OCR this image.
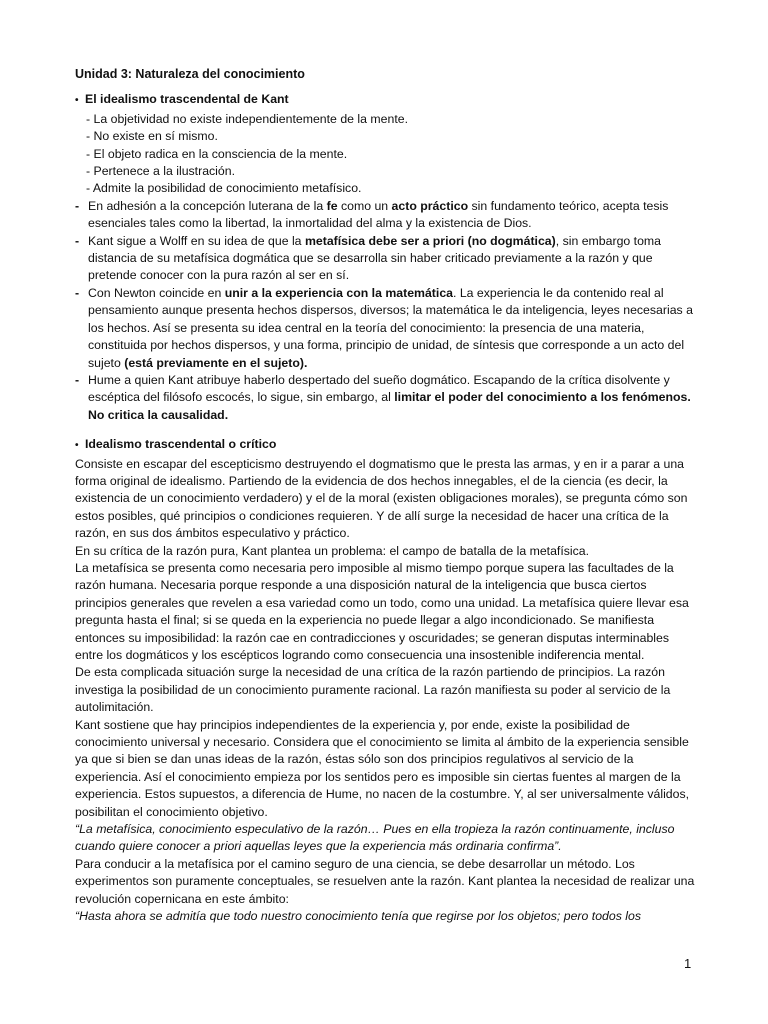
Unidad 3: Naturaleza del conocimiento

• El idealismo trascendental de Kant

- La objetividad no existe independientemente de la mente.

- No existe en sí mismo.

- El objeto radica en la consciencia de la mente.

- Pertenece a la ilustración.

- Admite la posibilidad de conocimiento metafísico.

- En adhesión a la concepción luterana de la fe como un acto práctico sin fundamento teórico, acepta tesis esenciales tales como la libertad, la inmortalidad del alma y la existencia de Dios.
- Kant sigue a Wolff en su idea de que la metafísica debe ser a priori (no dogmática), sin embargo toma distancia de su metafísica dogmática que se desarrolla sin haber criticado previamente a la razón y que pretende conocer con la pura razón al ser en sí.
- Con Newton coincide en unir a la experiencia con la matemática. La experiencia le da contenido real al pensamiento aunque presenta hechos dispersos, diversos; la matemática le da inteligencia, leyes necesarias a los hechos. Así se presenta su idea central en la teoría del conocimiento: la presencia de una materia, constituida por hechos dispersos, y una forma, principio de unidad, de síntesis que corresponde a un acto del sujeto (está previamente en el sujeto).
- Hume a quien Kant atribuye haberlo despertado del sueño dogmático. Escapando de la crítica disolvente y escéptica del filósofo escocés, lo sigue, sin embargo, al limitar el poder del conocimiento a los fenómenos. No critica la causalidad.
• Idealismo trascendental o crítico

Consiste en escapar del escepticismo destruyendo el dogmatismo que le presta las armas, y en ir a parar a una forma original de idealismo. Partiendo de la evidencia de dos hechos innegables, el de la ciencia (es decir, la existencia de un conocimiento verdadero) y el de la moral (existen obligaciones morales), se pregunta cómo son estos posibles, qué principios o condiciones requieren. Y de allí surge la necesidad de hacer una crítica de la razón, en sus dos ámbitos especulativo y práctico.

En su crítica de la razón pura, Kant plantea un problema: el campo de batalla de la metafísica.

La metafísica se presenta como necesaria pero imposible al mismo tiempo porque supera las facultades de la razón humana. Necesaria porque responde a una disposición natural de la inteligencia que busca ciertos principios generales que revelen a esa variedad como un todo, como una unidad. La metafísica quiere llevar esa pregunta hasta el final; si se queda en la experiencia no puede llegar a algo incondicionado. Se manifiesta entonces su imposibilidad: la razón cae en contradicciones y oscuridades; se generan disputas interminables entre los dogmáticos y los escépticos logrando como consecuencia una insostenible indiferencia mental.

De esta complicada situación surge la necesidad de una crítica de la razón partiendo de principios. La razón investiga la posibilidad de un conocimiento puramente racional. La razón manifiesta su poder al servicio de la autolimitación.

Kant sostiene que hay principios independientes de la experiencia y, por ende, existe la posibilidad de conocimiento universal y necesario. Considera que el conocimiento se limita al ámbito de la experiencia sensible ya que si bien se dan unas ideas de la razón, éstas sólo son dos principios regulativos al servicio de la experiencia. Así el conocimiento empieza por los sentidos pero es imposible sin ciertas fuentes al margen de la experiencia. Estos supuestos, a diferencia de Hume, no nacen de la costumbre. Y, al ser universalmente válidos, posibilitan el conocimiento objetivo.

“La metafísica, conocimiento especulativo de la razón… Pues en ella tropieza la razón continuamente, incluso cuando quiere conocer a priori aquellas leyes que la experiencia más ordinaria confirma”.

Para conducir a la metafísica por el camino seguro de una ciencia, se debe desarrollar un método. Los experimentos son puramente conceptuales, se resuelven ante la razón. Kant plantea la necesidad de realizar una revolución copernicana en este ámbito:

“Hasta ahora se admitía que todo nuestro conocimiento tenía que regirse por los objetos; pero todos los

1
